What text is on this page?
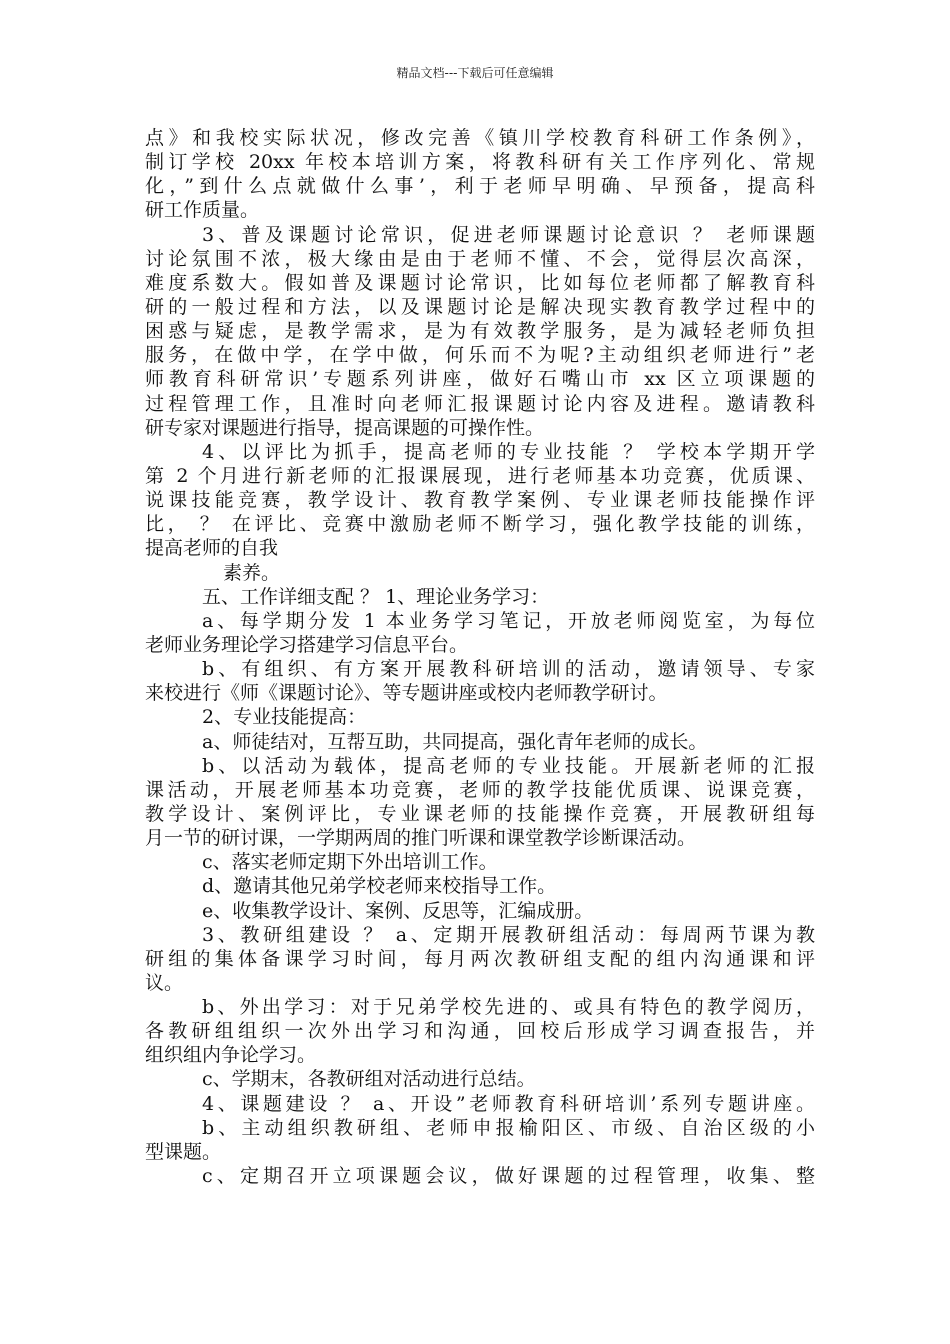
精品文档---下载后可任意编辑
点》和我校实际状况，修改完善《镇川学校教育科研工作条例》，
制订学校 20xx 年校本培训方案，将教科研有关工作序列化、常规
化，”到什么点就做什么事’，利于老师早明确、早预备，提高科
研工作质量。
3、普及课题讨论常识，促进老师课题讨论意识 ？ 老师课题
讨论氛围不浓，极大缘由是由于老师不懂、不会，觉得层次高深，
难度系数大。假如普及课题讨论常识，比如每位老师都了解教育科
研的一般过程和方法，以及课题讨论是解决现实教育教学过程中的
困惑与疑虑，是教学需求，是为有效教学服务，是为减轻老师负担
服务，在做中学，在学中做，何乐而不为呢?主动组织老师进行”老
师教育科研常识’专题系列讲座，做好石嘴山市 xx 区立项课题的
过程管理工作，且准时向老师汇报课题讨论内容及进程。邀请教科
研专家对课题进行指导，提高课题的可操作性。
4、以评比为抓手，提高老师的专业技能 ？ 学校本学期开学
第 2 个月进行新老师的汇报课展现，进行老师基本功竞赛，优质课、
说课技能竞赛，教学设计、教育教学案例、专业课老师技能操作评
比， ？ 在评比、竞赛中激励老师不断学习，强化教学技能的训练，
提高老师的自我
素养。
五、工作详细支配 ？ 1、理论业务学习：
a、每学期分发 1 本业务学习笔记，开放老师阅览室，为每位
老师业务理论学习搭建学习信息平台。
b、有组织、有方案开展教科研培训的活动，邀请领导、专家
来校进行《师《课题讨论》、等专题讲座或校内老师教学研讨。
2、专业技能提高：
a、师徒结对，互帮互助，共同提高，强化青年老师的成长。
b、以活动为载体，提高老师的专业技能。开展新老师的汇报
课活动，开展老师基本功竞赛，老师的教学技能优质课、说课竞赛，
教学设计、案例评比，专业课老师的技能操作竞赛，开展教研组每
月一节的研讨课，一学期两周的推门听课和课堂教学诊断课活动。
c、落实老师定期下外出培训工作。
d、邀请其他兄弟学校老师来校指导工作。
e、收集教学设计、案例、反思等，汇编成册。
3、教研组建设 ？ a、定期开展教研组活动：每周两节课为教
研组的集体备课学习时间，每月两次教研组支配的组内沟通课和评
议。
b、外出学习：对于兄弟学校先进的、或具有特色的教学阅历，
各教研组组织一次外出学习和沟通，回校后形成学习调查报告，并
组织组内争论学习。
c、学期末，各教研组对活动进行总结。
4、课题建设 ？ a、开设”老师教育科研培训’系列专题讲座。
b、主动组织教研组、老师申报榆阳区、市级、自治区级的小
型课题。
c、定期召开立项课题会议，做好课题的过程管理，收集、整
